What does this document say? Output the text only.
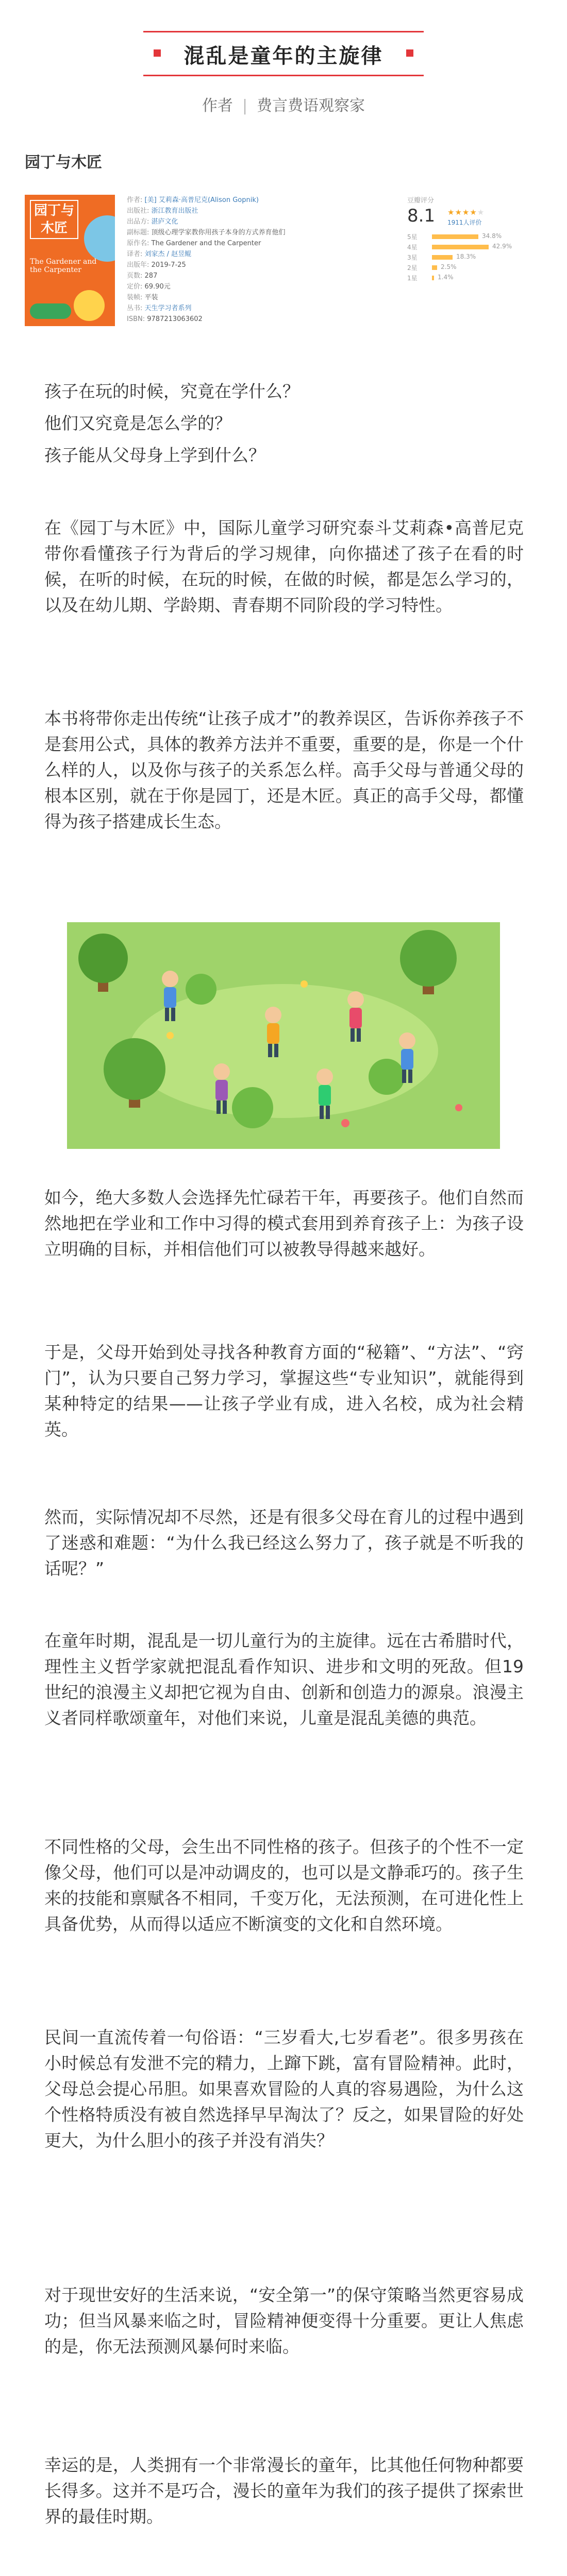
混乱是童年的主旋律
作者 | 费言费语观察家
园丁与木匠
园丁与木匠
The Gardener and the Carpenter
作者: [美] 艾莉森·高普尼克(Alison Gopnik)
出版社: 浙江教育出版社
出品方: 湛庐文化
副标题: 顶级心理学家教你用孩子本身的方式养育他们
原作名: The Gardener and the Carpenter
译者: 刘家杰 / 赵昱鲲
出版年: 2019-7-25
页数: 287
定价: 69.90元
装帧: 平装
丛书: 天生学习者系列
ISBN: 9787213063602
豆瓣评分
8.1 ★★★★★
1911人评价
5星	34.8%
4星	42.9%
3星	18.3%
2星	2.5%
1星	1.4%
孩子在玩的时候，究竟在学什么？
他们又究竟是怎么学的？
孩子能从父母身上学到什么？

在《园丁与木匠》中，国际儿童学习研究泰斗艾莉森•高普尼克带你看懂孩子行为背后的学习规律，向你描述了孩子在看的时候，在听的时候，在玩的时候，在做的时候，都是怎么学习的，以及在幼儿期、学龄期、青春期不同阶段的学习特性。

本书将带你走出传统“让孩子成才”的教养误区，告诉你养孩子不是套用公式，具体的教养方法并不重要，重要的是，你是一个什么样的人，以及你与孩子的关系怎么样。高手父母与普通父母的根本区别，就在于你是园丁，还是木匠。真正的高手父母，都懂得为孩子搭建成长生态。

如今，绝大多数人会选择先忙碌若干年，再要孩子。他们自然而然地把在学业和工作中习得的模式套用到养育孩子上：为孩子设立明确的目标，并相信他们可以被教导得越来越好。

于是，父母开始到处寻找各种教育方面的“秘籍”、“方法”、“窍门”，认为只要自己努力学习，掌握这些“专业知识”，就能得到某种特定的结果——让孩子学业有成，进入名校，成为社会精英。

然而，实际情况却不尽然，还是有很多父母在育儿的过程中遇到了迷惑和难题：“为什么我已经这么努力了，孩子就是不听我的话呢？”

在童年时期，混乱是一切儿童行为的主旋律。远在古希腊时代，理性主义哲学家就把混乱看作知识、进步和文明的死敌。但19世纪的浪漫主义却把它视为自由、创新和创造力的源泉。浪漫主义者同样歌颂童年，对他们来说，儿童是混乱美德的典范。

不同性格的父母，会生出不同性格的孩子。但孩子的个性不一定像父母，他们可以是冲动调皮的，也可以是文静乖巧的。孩子生来的技能和禀赋各不相同，千变万化，无法预测，在可进化性上具备优势，从而得以适应不断演变的文化和自然环境。

民间一直流传着一句俗语：“三岁看大,七岁看老”。很多男孩在小时候总有发泄不完的精力，上蹿下跳，富有冒险精神。此时，父母总会提心吊胆。如果喜欢冒险的人真的容易遇险，为什么这个性格特质没有被自然选择早早淘汰了？反之，如果冒险的好处更大，为什么胆小的孩子并没有消失？

对于现世安好的生活来说，“安全第一”的保守策略当然更容易成功；但当风暴来临之时，冒险精神便变得十分重要。更让人焦虑的是，你无法预测风暴何时来临。

幸运的是，人类拥有一个非常漫长的童年，比其他任何物种都要长得多。这并不是巧合，漫长的童年为我们的孩子提供了探索世界的最佳时期。
